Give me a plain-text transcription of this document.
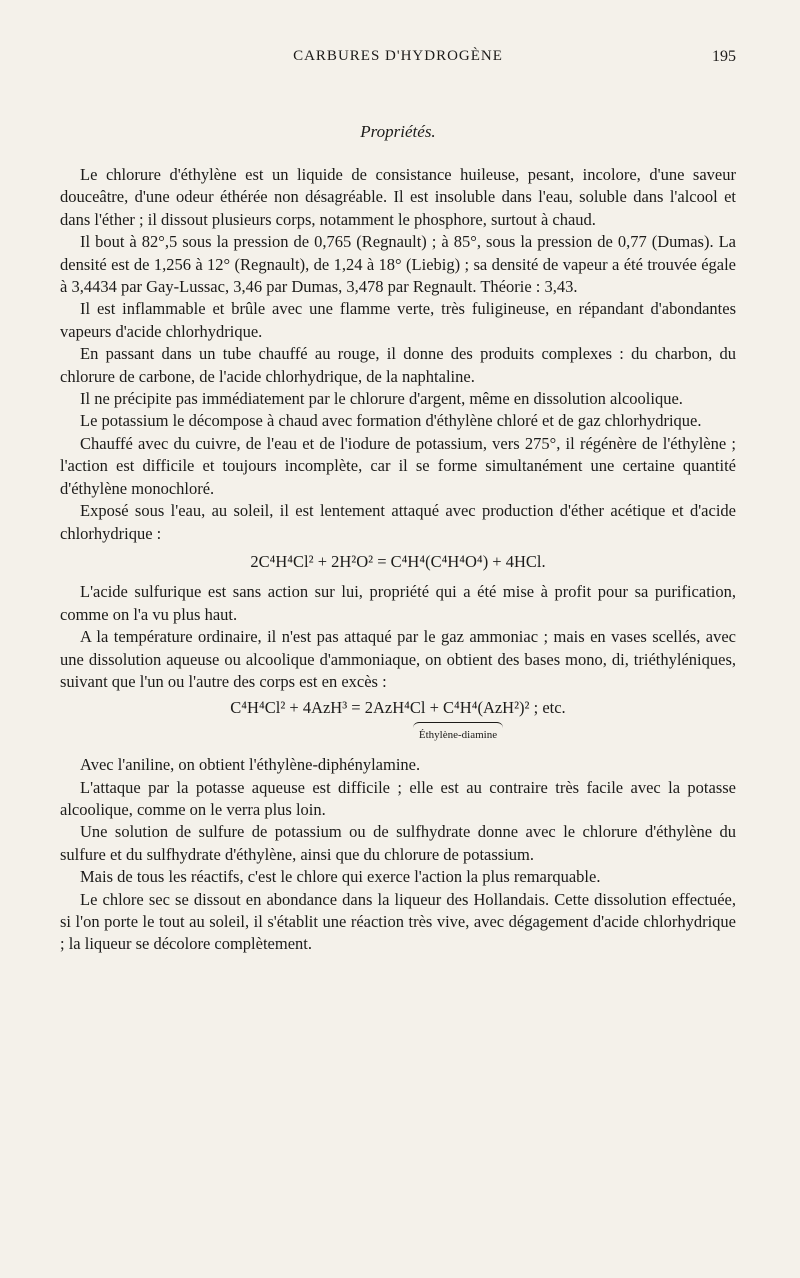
CARBURES D'HYDROGÈNE	195
Propriétés.

Le chlorure d'éthylène est un liquide de consistance huileuse, pesant, incolore, d'une saveur douceâtre, d'une odeur éthérée non désagréable. Il est insoluble dans l'eau, soluble dans l'alcool et dans l'éther ; il dissout plusieurs corps, notamment le phosphore, surtout à chaud.

Il bout à 82°,5 sous la pression de 0,765 (Regnault) ; à 85°, sous la pression de 0,77 (Dumas). La densité est de 1,256 à 12° (Regnault), de 1,24 à 18° (Liebig) ; sa densité de vapeur a été trouvée égale à 3,4434 par Gay-Lussac, 3,46 par Dumas, 3,478 par Regnault. Théorie : 3,43.

Il est inflammable et brûle avec une flamme verte, très fuligineuse, en répandant d'abondantes vapeurs d'acide chlorhydrique.

En passant dans un tube chauffé au rouge, il donne des produits complexes : du charbon, du chlorure de carbone, de l'acide chlorhydrique, de la naphtaline.

Il ne précipite pas immédiatement par le chlorure d'argent, même en dissolution alcoolique.

Le potassium le décompose à chaud avec formation d'éthylène chloré et de gaz chlorhydrique.

Chauffé avec du cuivre, de l'eau et de l'iodure de potassium, vers 275°, il régénère de l'éthylène ; l'action est difficile et toujours incomplète, car il se forme simultanément une certaine quantité d'éthylène monochloré.

Exposé sous l'eau, au soleil, il est lentement attaqué avec production d'éther acétique et d'acide chlorhydrique :

2C⁴H⁴Cl² + 2H²O² = C⁴H⁴(C⁴H⁴O⁴) + 4HCl.

L'acide sulfurique est sans action sur lui, propriété qui a été mise à profit pour sa purification, comme on l'a vu plus haut.

A la température ordinaire, il n'est pas attaqué par le gaz ammoniac ; mais en vases scellés, avec une dissolution aqueuse ou alcoolique d'ammoniaque, on obtient des bases mono, di, triéthyléniques, suivant que l'un ou l'autre des corps est en excès :

C⁴H⁴Cl² + 4AzH³ = 2AzH⁴Cl + C⁴H⁴(AzH²)² ; etc.
Éthylène-diamine

Avec l'aniline, on obtient l'éthylène-diphénylamine.

L'attaque par la potasse aqueuse est difficile ; elle est au contraire très facile avec la potasse alcoolique, comme on le verra plus loin.

Une solution de sulfure de potassium ou de sulfhydrate donne avec le chlorure d'éthylène du sulfure et du sulfhydrate d'éthylène, ainsi que du chlorure de potassium.

Mais de tous les réactifs, c'est le chlore qui exerce l'action la plus remarquable.

Le chlore sec se dissout en abondance dans la liqueur des Hollandais. Cette dissolution effectuée, si l'on porte le tout au soleil, il s'établit une réaction très vive, avec dégagement d'acide chlorhydrique ; la liqueur se décolore complètement.
